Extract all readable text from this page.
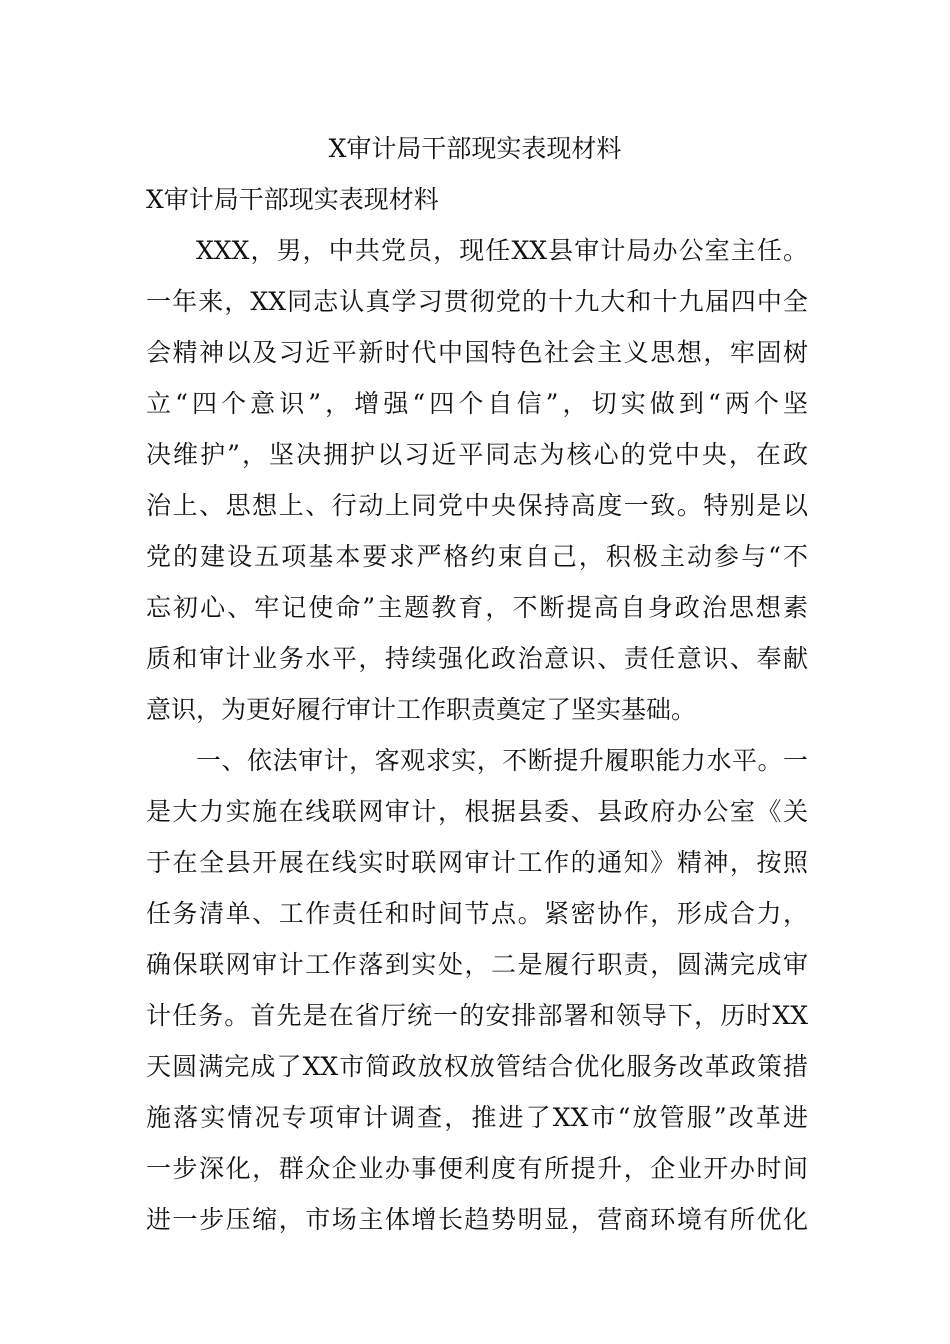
X审计局干部现实表现材料
X审计局干部现实表现材料
XXX，男，中共党员，现任XX县审计局办公室主任。
一年来，XX同志认真学习贯彻党的十九大和十九届四中全
会精神以及习近平新时代中国特色社会主义思想，牢固树
立“四个意识”，增强“四个自信”，切实做到“两个坚
决维护”，坚决拥护以习近平同志为核心的党中央，在政
治上、思想上、行动上同党中央保持高度一致。特别是以
党的建设五项基本要求严格约束自己，积极主动参与“不
忘初心、牢记使命”主题教育，不断提高自身政治思想素
质和审计业务水平，持续强化政治意识、责任意识、奉献
意识，为更好履行审计工作职责奠定了坚实基础。
一、依法审计，客观求实，不断提升履职能力水平。一
是大力实施在线联网审计，根据县委、县政府办公室《关
于在全县开展在线实时联网审计工作的通知》精神，按照
任务清单、工作责任和时间节点。紧密协作，形成合力，
确保联网审计工作落到实处，二是履行职责，圆满完成审
计任务。首先是在省厅统一的安排部署和领导下，历时XX
天圆满完成了XX市简政放权放管结合优化服务改革政策措
施落实情况专项审计调查，推进了XX市“放管服”改革进
一步深化，群众企业办事便利度有所提升，企业开办时间
进一步压缩，市场主体增长趋势明显，营商环境有所优化
